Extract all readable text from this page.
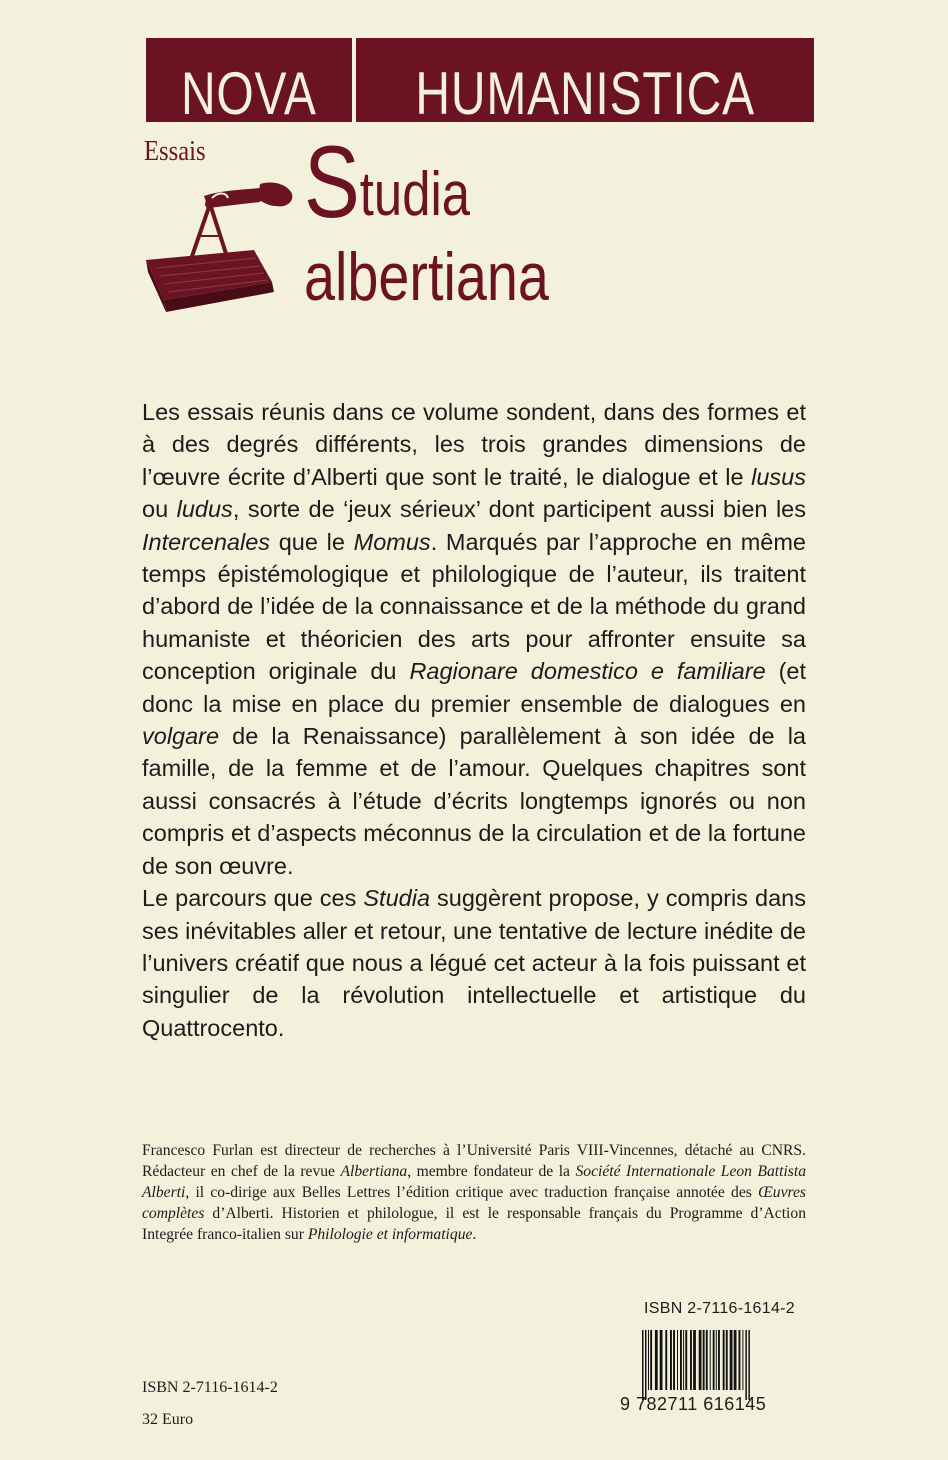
NOVA HUMANISTICA
Essais Studia
albertiana

Les essais réunis dans ce volume sondent, dans des formes et à des degrés différents, les trois grandes dimensions de l’œuvre écrite d’Alberti que sont le traité, le dialogue et le lusus ou ludus, sorte de ‘jeux sérieux’ dont participent aussi bien les Intercenales que le Momus. Marqués par l’approche en même temps épistémologique et philologique de l’auteur, ils traitent d’abord de l’idée de la connaissance et de la méthode du grand humaniste et théoricien des arts pour affronter ensuite sa conception originale du Ragionare domestico e familiare (et donc la mise en place du premier ensemble de dialogues en volgare de la Renaissance) parallèlement à son idée de la famille, de la femme et de l’amour. Quelques chapitres sont aussi consacrés à l’étude d’écrits longtemps ignorés ou non compris et d’aspects méconnus de la circulation et de la fortune de son œuvre.

Le parcours que ces Studia suggèrent propose, y compris dans ses inévitables aller et retour, une tentative de lecture inédite de l’univers créatif que nous a légué cet acteur à la fois puissant et singulier de la révolution intellectuelle et artistique du Quattrocento.

Francesco Furlan est directeur de recherches à l’Université Paris VIII-Vincennes, détaché au CNRS. Rédacteur en chef de la revue Albertiana, membre fondateur de la Société Internationale Leon Battista Alberti, il co-dirige aux Belles Lettres l’édition critique avec traduction française annotée des Œuvres complètes d’Alberti. Historien et philologue, il est le responsable français du Programme d’Action Integrée franco-italien sur Philologie et informatique.

ISBN 2-7116-1614-2
32 Euro
ISBN 2-7116-1614-2
9 782711 616145
